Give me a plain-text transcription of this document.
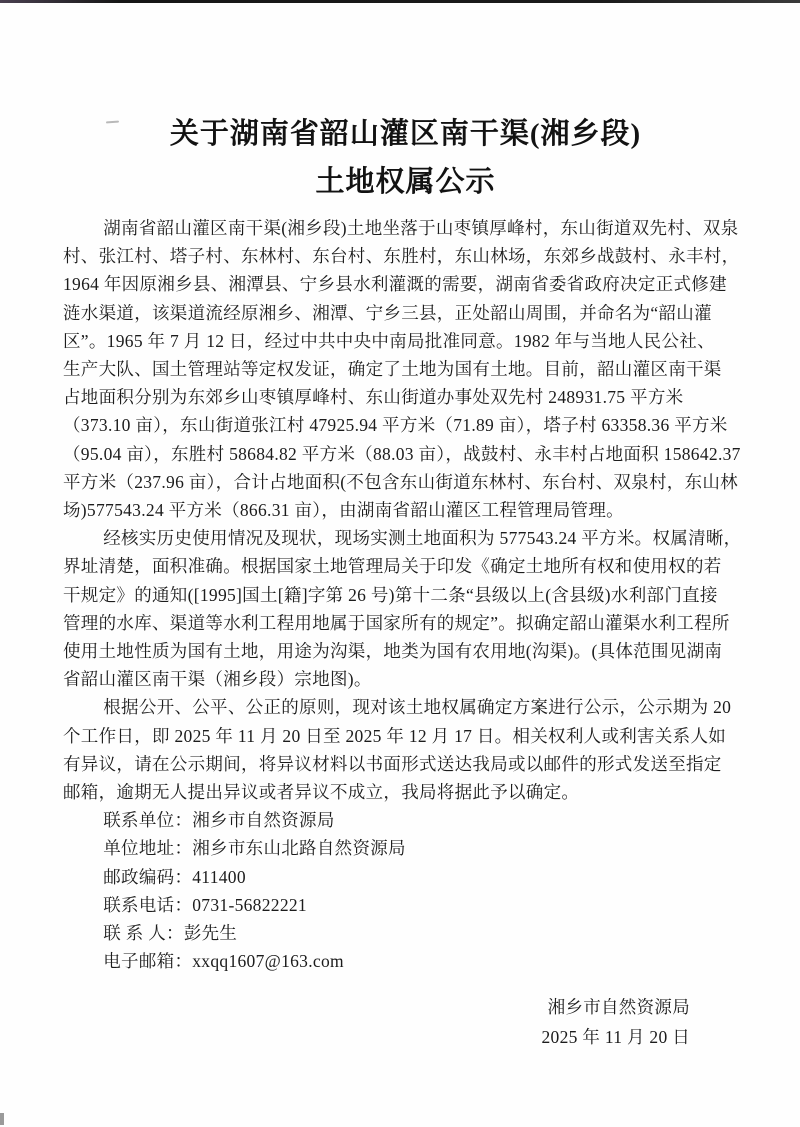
关于湖南省韶山灌区南干渠(湘乡段)
土地权属公示
湖南省韶山灌区南干渠(湘乡段)土地坐落于山枣镇厚峰村，东山街道双先村、双泉
村、张江村、塔子村、东林村、东台村、东胜村，东山林场，东郊乡战鼓村、永丰村，
1964 年因原湘乡县、湘潭县、宁乡县水利灌溉的需要，湖南省委省政府决定正式修建
涟水渠道，该渠道流经原湘乡、湘潭、宁乡三县，正处韶山周围，并命名为“韶山灌
区”。1965 年 7 月 12 日，经过中共中央中南局批准同意。1982 年与当地人民公社、
生产大队、国土管理站等定权发证，确定了土地为国有土地。目前，韶山灌区南干渠
占地面积分别为东郊乡山枣镇厚峰村、东山街道办事处双先村 248931.75 平方米
（373.10 亩），东山街道张江村 47925.94 平方米（71.89 亩），塔子村 63358.36 平方米
（95.04 亩），东胜村 58684.82 平方米（88.03 亩），战鼓村、永丰村占地面积 158642.37
平方米（237.96 亩），合计占地面积(不包含东山街道东林村、东台村、双泉村，东山林
场)577543.24 平方米（866.31 亩），由湖南省韶山灌区工程管理局管理。
经核实历史使用情况及现状，现场实测土地面积为 577543.24 平方米。权属清晰，
界址清楚，面积准确。根据国家土地管理局关于印发《确定土地所有权和使用权的若
干规定》的通知([1995]国土[籍]字第 26 号)第十二条“县级以上(含县级)水利部门直接
管理的水库、渠道等水利工程用地属于国家所有的规定”。拟确定韶山灌渠水利工程所
使用土地性质为国有土地，用途为沟渠，地类为国有农用地(沟渠)。(具体范围见湖南
省韶山灌区南干渠（湘乡段）宗地图)。
根据公开、公平、公正的原则，现对该土地权属确定方案进行公示，公示期为 20
个工作日，即 2025 年 11 月 20 日至 2025 年 12 月 17 日。相关权利人或利害关系人如
有异议，请在公示期间，将异议材料以书面形式送达我局或以邮件的形式发送至指定
邮箱，逾期无人提出异议或者异议不成立，我局将据此予以确定。
联系单位：湘乡市自然资源局
单位地址：湘乡市东山北路自然资源局
邮政编码：411400
联系电话：0731-56822221
联 系 人：彭先生
电子邮箱：xxqq1607@163.com
湘乡市自然资源局
2025 年 11 月 20 日
